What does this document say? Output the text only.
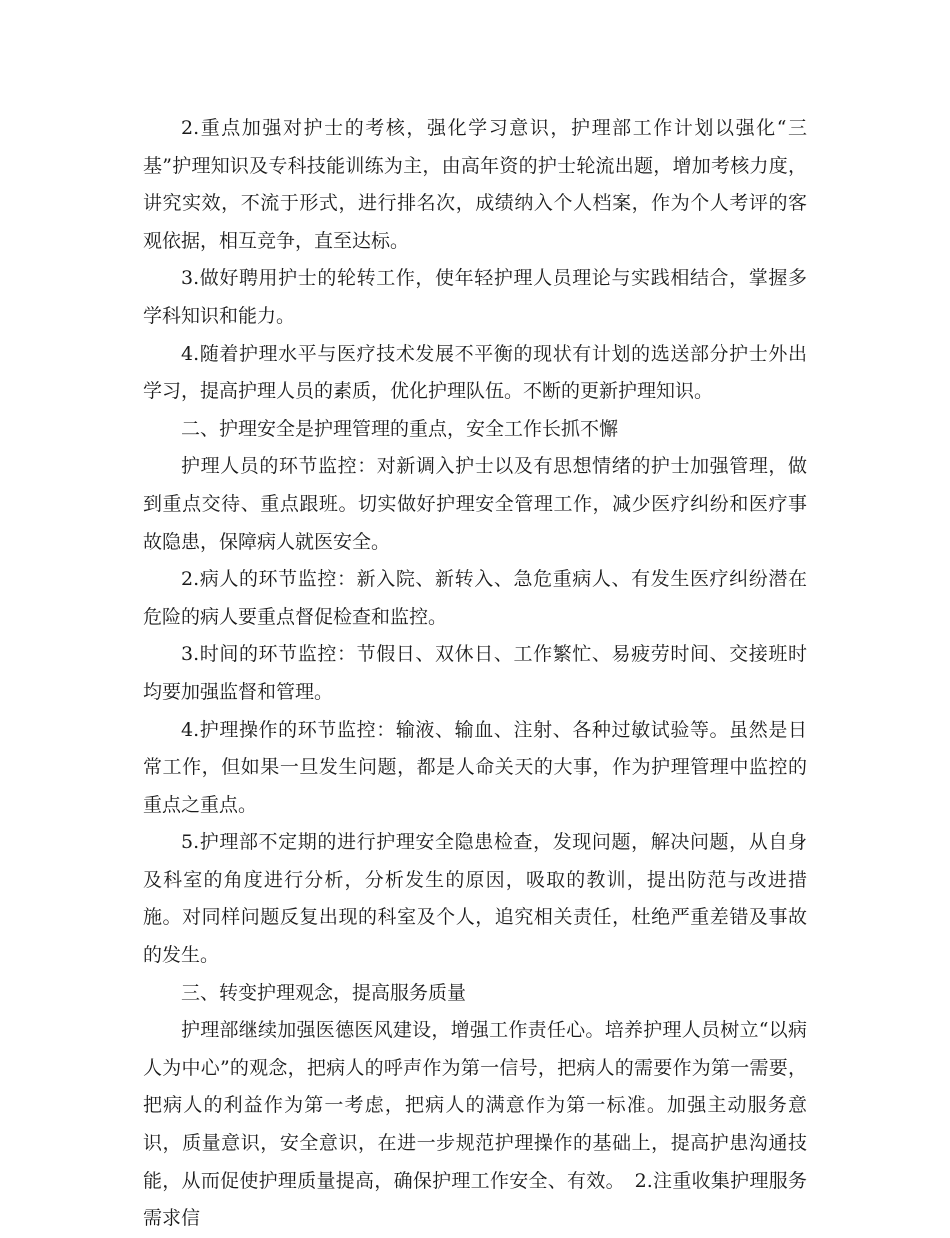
2.重点加强对护士的考核，强化学习意识，护理部工作计划以强化“三基”护理知识及专科技能训练为主，由高年资的护士轮流出题，增加考核力度，讲究实效，不流于形式，进行排名次，成绩纳入个人档案，作为个人考评的客观依据，相互竞争，直至达标。

3.做好聘用护士的轮转工作，使年轻护理人员理论与实践相结合，掌握多学科知识和能力。

4.随着护理水平与医疗技术发展不平衡的现状有计划的选送部分护士外出学习，提高护理人员的素质，优化护理队伍。不断的更新护理知识。

二、护理安全是护理管理的重点，安全工作长抓不懈

护理人员的环节监控：对新调入护士以及有思想情绪的护士加强管理，做到重点交待、重点跟班。切实做好护理安全管理工作，减少医疗纠纷和医疗事故隐患，保障病人就医安全。

2.病人的环节监控：新入院、新转入、急危重病人、有发生医疗纠纷潜在危险的病人要重点督促检查和监控。

3.时间的环节监控：节假日、双休日、工作繁忙、易疲劳时间、交接班时均要加强监督和管理。

4.护理操作的环节监控：输液、输血、注射、各种过敏试验等。虽然是日常工作，但如果一旦发生问题，都是人命关天的大事，作为护理管理中监控的重点之重点。

5.护理部不定期的进行护理安全隐患检查，发现问题，解决问题，从自身及科室的角度进行分析，分析发生的原因，吸取的教训，提出防范与改进措施。对同样问题反复出现的科室及个人，追究相关责任，杜绝严重差错及事故的发生。

三、转变护理观念，提高服务质量

护理部继续加强医德医风建设，增强工作责任心。培养护理人员树立“以病人为中心”的观念，把病人的呼声作为第一信号，把病人的需要作为第一需要，把病人的利益作为第一考虑，把病人的满意作为第一标准。加强主动服务意识，质量意识，安全意识，在进一步规范护理操作的基础上，提高护患沟通技能，从而促使护理质量提高，确保护理工作安全、有效。　2.注重收集护理服务需求信
